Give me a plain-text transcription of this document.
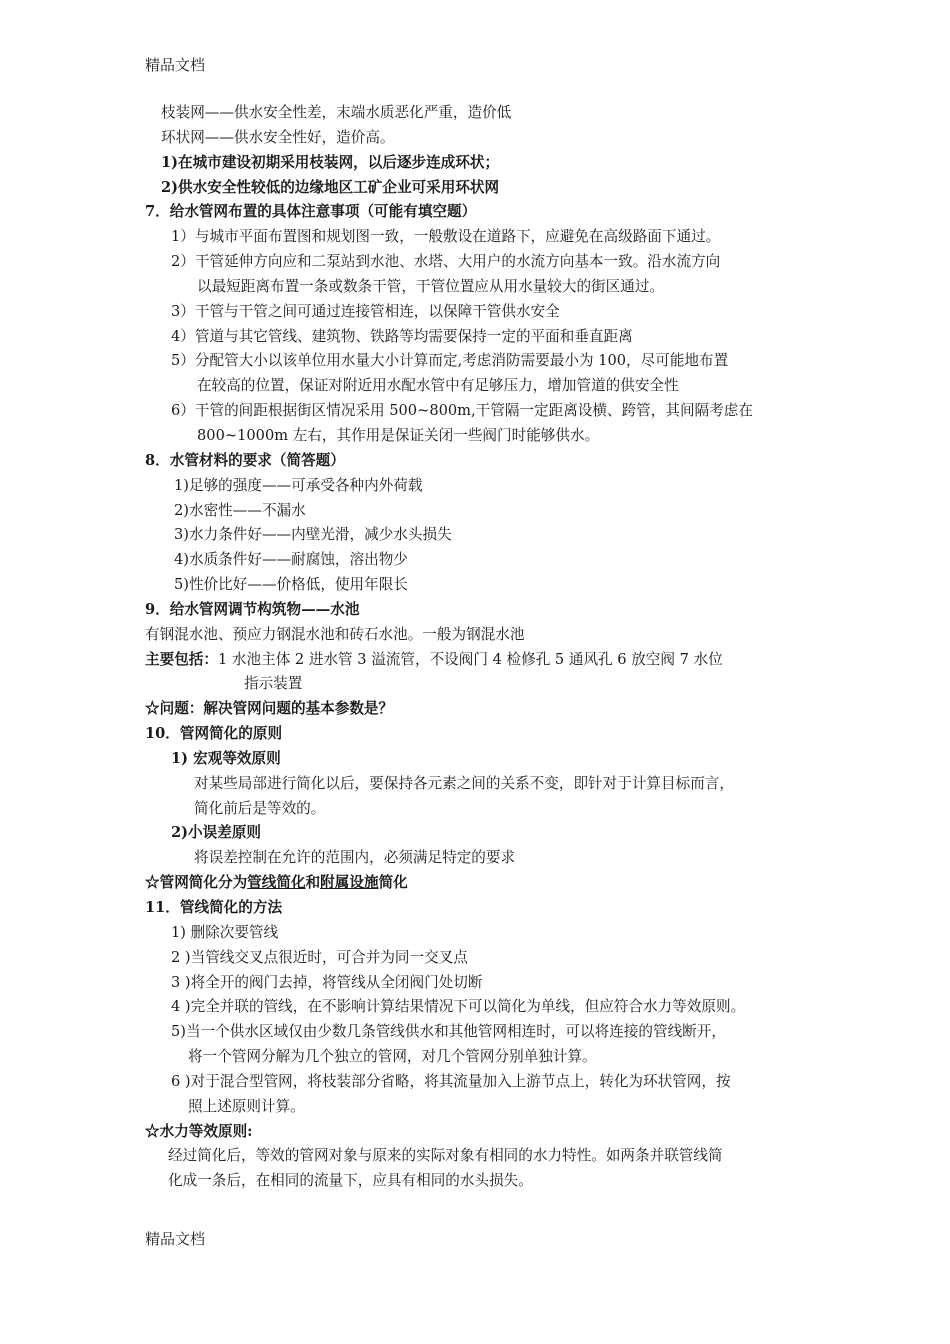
精品文档
枝装网——供水安全性差，末端水质恶化严重，造价低
环状网——供水安全性好，造价高。
1)在城市建设初期采用枝装网，以后逐步连成环状；
2)供水安全性较低的边缘地区工矿企业可采用环状网
7．给水管网布置的具体注意事项（可能有填空题）
1）与城市平面布置图和规划图一致，一般敷设在道路下，应避免在高级路面下通过。
2）干管延伸方向应和二泵站到水池、水塔、大用户的水流方向基本一致。沿水流方向
以最短距离布置一条或数条干管，干管位置应从用水量较大的街区通过。
3）干管与干管之间可通过连接管相连，以保障干管供水安全
4）管道与其它管线、建筑物、铁路等均需要保持一定的平面和垂直距离
5）分配管大小以该单位用水量大小计算而定,考虑消防需要最小为 100，尽可能地布置
在较高的位置，保证对附近用水配水管中有足够压力，增加管道的供安全性
6）干管的间距根据街区情况采用 500~800m,干管隔一定距离设横、跨管，其间隔考虑在
800~1000m 左右，其作用是保证关闭一些阀门时能够供水。
8．水管材料的要求（简答题）
1)足够的强度——可承受各种内外荷载
2)水密性——不漏水
3)水力条件好——内壁光滑，减少水头损失
4)水质条件好——耐腐蚀，溶出物少
5)性价比好——价格低，使用年限长
9．给水管网调节构筑物——水池
有钢混水池、预应力钢混水池和砖石水池。一般为钢混水池
主要包括：1 水池主体 2 进水管 3 溢流管，不设阀门 4 检修孔 5 通风孔 6 放空阀 7 水位
指示装置
☆问题：解决管网问题的基本参数是？
10．管网简化的原则
1) 宏观等效原则
对某些局部进行简化以后，要保持各元素之间的关系不变，即针对于计算目标而言，
简化前后是等效的。
2)小误差原则
将误差控制在允许的范围内，必须满足特定的要求
☆管网简化分为管线简化和附属设施简化
11．管线简化的方法
1) 删除次要管线
2 )当管线交叉点很近时，可合并为同一交叉点
3 )将全开的阀门去掉，将管线从全闭阀门处切断
4 )完全并联的管线，在不影响计算结果情况下可以简化为单线，但应符合水力等效原则。
5)当一个供水区域仅由少数几条管线供水和其他管网相连时，可以将连接的管线断开，
将一个管网分解为几个独立的管网，对几个管网分别单独计算。
6 )对于混合型管网，将枝装部分省略，将其流量加入上游节点上，转化为环状管网，按
照上述原则计算。
☆水力等效原则:
经过简化后，等效的管网对象与原来的实际对象有相同的水力特性。如两条并联管线简
化成一条后，在相同的流量下，应具有相同的水头损失。
精品文档
